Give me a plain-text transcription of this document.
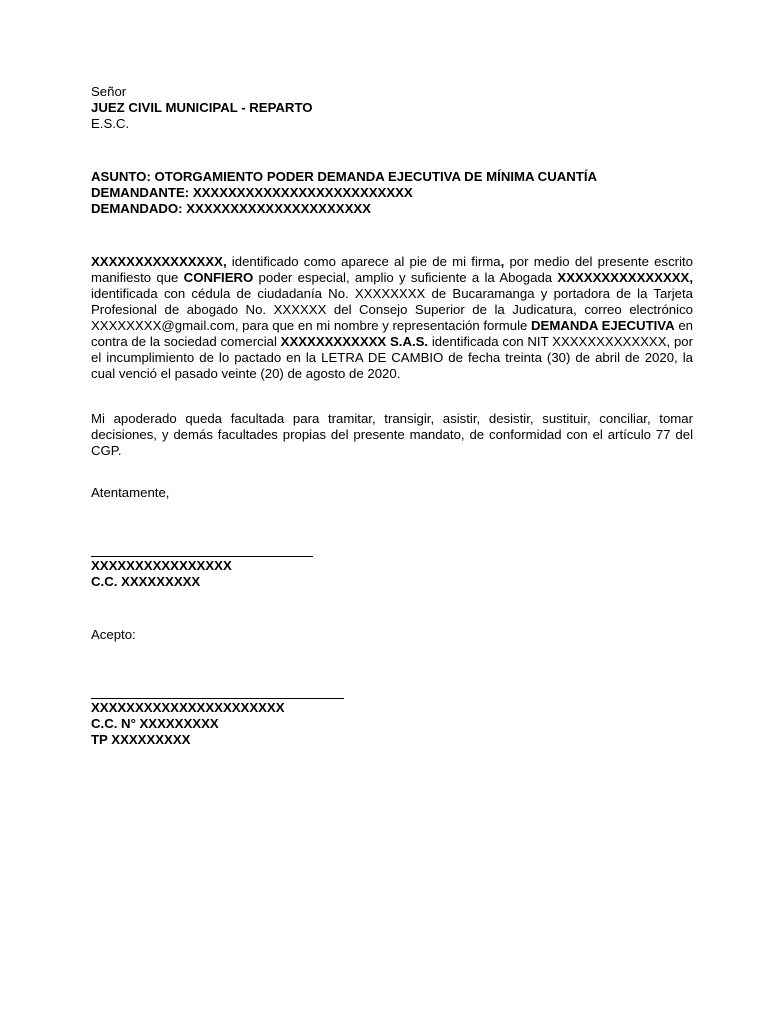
Señor
JUEZ CIVIL MUNICIPAL - REPARTO
E.S.C.
ASUNTO: OTORGAMIENTO PODER DEMANDA EJECUTIVA DE MÍNIMA CUANTÍA
DEMANDANTE: XXXXXXXXXXXXXXXXXXXXXXXXX
DEMANDADO: XXXXXXXXXXXXXXXXXXXXX

XXXXXXXXXXXXXXX, identificado como aparece al pie de mi firma, por medio del presente escrito manifiesto que CONFIERO poder especial, amplio y suficiente a la Abogada XXXXXXXXXXXXXXX, identificada con cédula de ciudadanía No. XXXXXXXX de Bucaramanga y portadora de la Tarjeta Profesional de abogado No. XXXXXX del Consejo Superior de la Judicatura, correo electrónico XXXXXXXX@gmail.com, para que en mi nombre y representación formule DEMANDA EJECUTIVA en contra de la sociedad comercial XXXXXXXXXXXX S.A.S. identificada con NIT XXXXXXXXXXXXX, por el incumplimiento de lo pactado en la LETRA DE CAMBIO de fecha treinta (30) de abril de 2020, la cual venció el pasado veinte (20) de agosto de 2020.

Mi apoderado queda facultada para tramitar, transigir, asistir, desistir, sustituir, conciliar, tomar decisiones, y demás facultades propias del presente mandato, de conformidad con el artículo 77 del CGP.

Atentamente,
XXXXXXXXXXXXXXXX
C.C. XXXXXXXXX
Acepto:
XXXXXXXXXXXXXXXXXXXXXX
C.C. N° XXXXXXXXX
TP XXXXXXXXX
